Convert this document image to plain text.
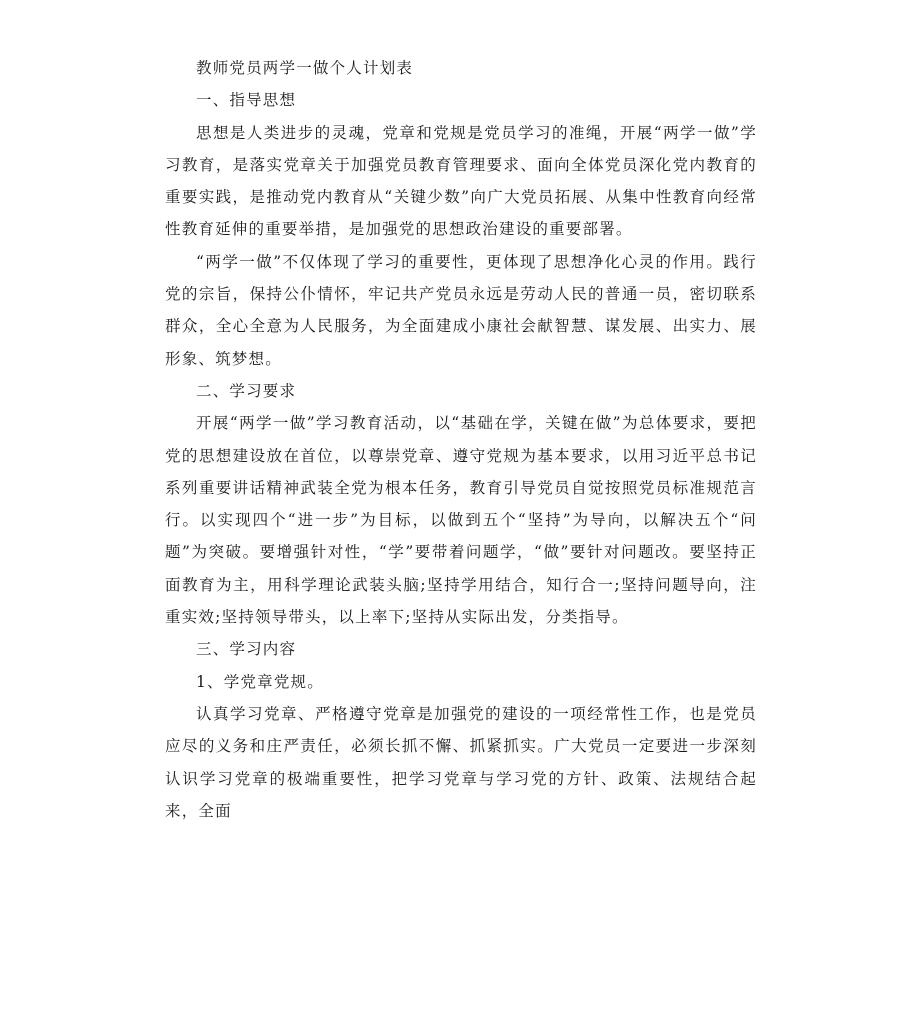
教师党员两学一做个人计划表

一、指导思想

思想是人类进步的灵魂，党章和党规是党员学习的准绳，开展“两学一做”学习教育，是落实党章关于加强党员教育管理要求、面向全体党员深化党内教育的重要实践，是推动党内教育从“关键少数”向广大党员拓展、从集中性教育向经常性教育延伸的重要举措，是加强党的思想政治建设的重要部署。

“两学一做”不仅体现了学习的重要性，更体现了思想净化心灵的作用。践行党的宗旨，保持公仆情怀，牢记共产党员永远是劳动人民的普通一员，密切联系群众，全心全意为人民服务，为全面建成小康社会献智慧、谋发展、出实力、展形象、筑梦想。

二、学习要求

开展“两学一做”学习教育活动，以“基础在学，关键在做”为总体要求，要把党的思想建设放在首位，以尊崇党章、遵守党规为基本要求，以用习近平总书记系列重要讲话精神武装全党为根本任务，教育引导党员自觉按照党员标准规范言行。以实现四个“进一步”为目标，以做到五个“坚持”为导向，以解决五个“问题”为突破。要增强针对性，“学”要带着问题学，“做”要针对问题改。要坚持正面教育为主，用科学理论武装头脑;坚持学用结合，知行合一;坚持问题导向，注重实效;坚持领导带头，以上率下;坚持从实际出发，分类指导。

三、学习内容

1、学党章党规。

认真学习党章、严格遵守党章是加强党的建设的一项经常性工作，也是党员应尽的义务和庄严责任，必须长抓不懈、抓紧抓实。广大党员一定要进一步深刻认识学习党章的极端重要性，把学习党章与学习党的方针、政策、法规结合起来，全面
